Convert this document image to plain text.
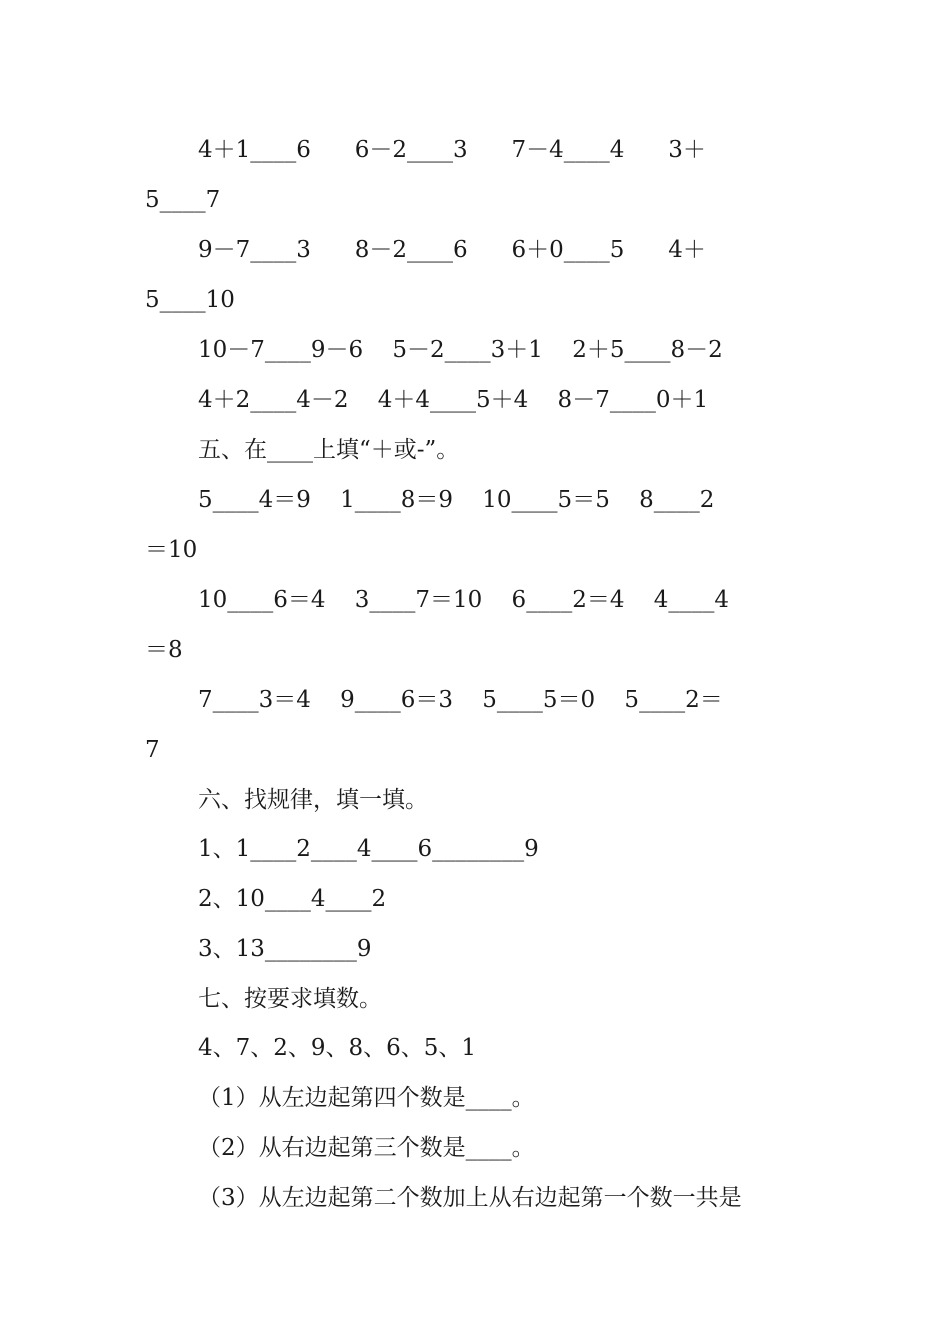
4＋1____6      6－2____3      7－4____4      3＋
5____7
9－7____3      8－2____6      6＋0____5      4＋
5____10
10－7____9－6    5－2____3＋1    2＋5____8－2
4＋2____4－2    4＋4____5＋4    8－7____0＋1
五、在____上填“＋或-”。
5____4＝9    1____8＝9    10____5＝5    8____2
＝10
10____6＝4    3____7＝10    6____2＝4    4____4
＝8
7____3＝4    9____6＝3    5____5＝0    5____2＝
7
六、找规律，填一填。
1、1____2____4____6________9
2、10____4____2
3、13________9
七、按要求填数。
4、7、2、9、8、6、5、1
（1）从左边起第四个数是____。
（2）从右边起第三个数是____。
（3）从左边起第二个数加上从右边起第一个数一共是
